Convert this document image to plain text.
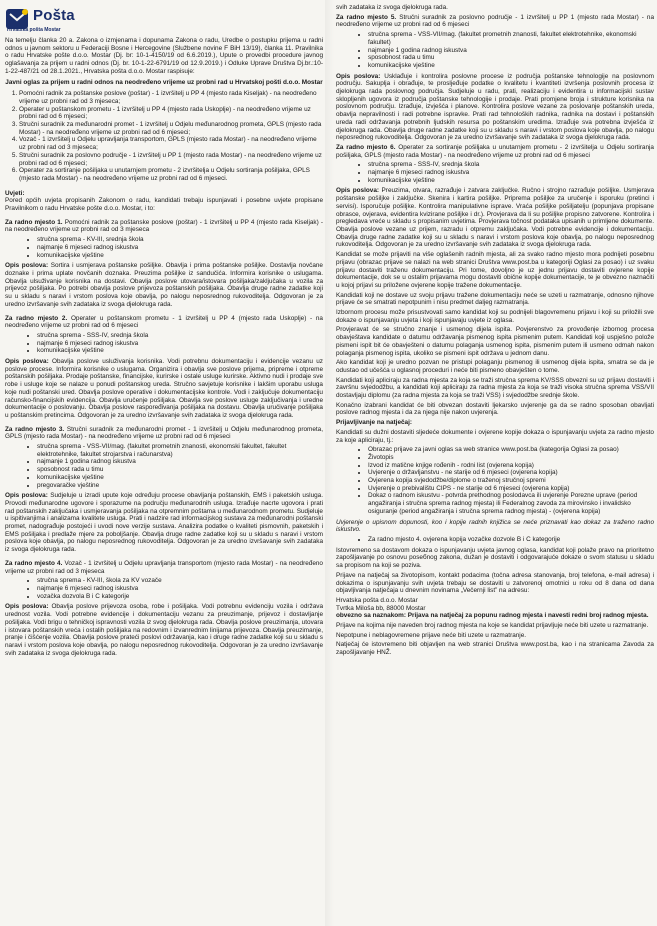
Pošta
Hrvatska pošta Mostar

Na temelju članka 20 a. Zakona o izmjenama i dopunama Zakona o radu, Uredbe o postupku prijema u radni odnos u javnom sektoru u Federaciji Bosne i Hercegovine (Službene novine F BiH 13/19), članka 11. Pravilnika o radu Hrvatske pošte d.o.o. Mostar (Dj. br: 10-1-4150/19 od 6.6.2019.), Uputе o provedbi procedure javnog oglašavanja za prijem u radni odnos (Dj. br. 10-1-22-6791/19 od 12.9.2019.) i Odluke Uprave Društva Dj.br.:10-1-22-487/21 od 28.1.2021., Hrvatska pošta d.o.o. Mostar raspisuje:

Javni oglas za prijem u radni odnos na neodređeno vrijeme uz probni rad u Hrvatskoj pošti d.o.o. Mostar

1. Pomoćni radnik za poštanske poslove (poštar) - 1 izvršitelj u PP 4 (mjesto rada Kiseljak) - na neodređeno vrijeme uz probni rad od 3 mjeseca;
2. Operater u poštanskom prometu - 1 izvršitelj u PP 4 (mjesto rada Uskoplje) - na neodređeno vrijeme uz probni rad od 6 mjeseci;
3. Stručni suradnik za međunarodni promet - 1 izvršitelj u Odjelu međunarodnog prometa, GPLS (mjesto rada Mostar) - na neodređeno vrijeme uz probni rad od 6 mjeseci;
4. Vozač - 1 izvršitelj u Odjelu upravljanja transportom, GPLS (mjesto rada Mostar) - na neodređeno vrijeme uz probni rad od 3 mjeseca;
5. Stručni suradnik za poslovno područje - 1 izvršitelj u PP 1 (mjesto rada Mostar) - na neodređeno vrijeme uz probni rad od 6 mjeseci;
6. Operater za sortiranje pošiljaka u unutarnjem prometu - 2 izvršitelja u Odjelu sortiranja pošiljaka, GPLS (mjesto rada Mostar) - na neodređeno vrijeme uz probni rad od 6 mjeseci.

Uvjeti:
Pored općih uvjeta propisanih Zakonom o radu, kandidati trebaju ispunjavati i posebne uvjete propisane Pravilnikom o radu Hrvatske pošte d.o.o. Mostar, i to:

Za radno mjesto 1. Pomoćni radnik za poštanske poslove (poštar) - 1 izvršitelj u PP 4 (mjesto rada Kiseljak) - na neodređeno vrijeme uz probni rad od 3 mjeseca

• stručna sprema - KV-III, srednja škola
• najmanje 6 mjeseci radnog iskustva
• komunikacijske vještine

Opis poslova: Sortira i usmjerava poštanske pošiljke. Obavlja i prima poštanske pošiljke. Dostavlja novčane doznake i prima uplate novčanih doznaka. Preuzima pošiljke iz sandučića. Informira korisnike o uslugama. Obavlja ulsuživanje korisnika na dostavi. Obavlja poslove utovara/istovara pošiljaka/zaključaka u vozila za prijevoz pošiljaka. Po potrebi obavlja poslove prijevoza poštanskih pošiljaka. Obavlja druge radne zadatke koji su u skladu s naravi i vrstom poslova koje obavlja, po nalogu neposrednog rukovoditelja. Odgovoran je za uredno izvršavanje svih zadataka iz svoga djelokruga rada.

Za radno mjesto 2. Operater u poštanskom prometu - 1 izvršitelj u PP 4 (mjesto rada Uskoplje) - na neodređeno vrijeme uz probni rad od 6 mjeseci

• stručna sprema - SSS-IV, srednja škola
• najmanje 6 mjeseci radnog iskustva
• komunikacijske vještine

Opis poslova: Obavlja poslove usluživanja korisnika. Vodi potrebnu dokumentaciju i evidencije vezanu uz poslove procese. Informira korisnike o uslugama. Organizira i obavlja sve poslove prijema, pripreme i otpreme poštanskih pošiljaka. Prodaje poštanske, financijske, kurirske i ostale usluge kurirske. Aktivno nudi i prodaje sve robe i usluge koje se nalaze u ponudi poštanskog ureda. Stručno savjetuje korisnike i lakšim uporabu usluga koje nudi poštanski ured. Obavlja poslove operative i dokumentacijske kontrole. Vodi i zaključuje dokumentaciju računsko-financijskih evidencija. Obavlja uručenje pošiljaka. Obavlja sve poslove usluge zaključivanja i uredne dokumentacije o poslovanju. Obavlja poslove raspoređivanja pošiljaka na dostavu. Obavlja uručivanje pošiljaka u poštanskim pretincima. Odgovoran je za uredno izvršavanje svih zadataka iz svoga djelokruga rada.

Za radno mjesto 3. Stručni suradnik za međunarodni promet - 1 izvršitelj u Odjelu međunarodnog prometa, GPLS (mjesto rada Mostar) - na neodređeno vrijeme uz probni rad od 6 mjeseci

• stručna sprema - VSS-VII/mag. (fakultet prometnih znanosti, ekonomski fakultet, fakultet elektrotehnike, fakultet strojarstva i računarstva)
• najmanje 1 godina radnog iskustva
• sposobnost rada u timu
• komunikacijske vještine
• pregovaračke vještine

Opis poslova: Sudjeluje u izradi upute koje određuju procese obavljanja poštanskih, EMS i paketskih usluga. Provodi međunarodne ugovore i sporazume na području međunarodnih usluga. Izrađuje nacrte ugovora i prati rad poštanskih zaključaka i usmjeravanja pošiljaka na otpremnim poštama u međunarodnom prometu. Sudjeluje u ispitivanjima i analizama kvalitete usluga. Prati i nadzire rad informacijskog sustava za međunarodni poštanski promet, nadograđuje postojeći i uvodi nove verzije sustava. Analizira podatke o kvaliteti pismovnih, paketskih i EMS pošiljaka i predlaže mjere za poboljšanje. Obavlja druge radne zadatke koji su u skladu s naravi i vrstom poslova koje obavlja, po nalogu neposrednog rukovoditelja. Odgovoran je za uredno izvršavanje svih zadataka iz svoga djelokruga rada.

Za radno mjesto 4. Vozač - 1 izvršitelj u Odjelu upravljanja transportom (mjesto rada Mostar) - na neodređeno vrijeme uz probni rad od 3 mjeseca

• stručna sprema - KV-III, škola za KV vozače
• najmanje 6 mjeseci radnog iskustva
• vozačka dozvola B i C kategorije

Opis poslova: Obavlja poslove prijevoza osoba, robe i pošiljaka. Vodi potrebnu evidenciju vozila i održava urednost vozila. Vodi potrebne evidencije i dokumentaciju vezanu za preuzimanje, prijevoz i dostavljanje pošiljaka. Vodi brigu o tehničkoj ispravnosti vozila iz svog djelokruga rada. Obavlja poslove preuzimanja, utovara i istovara poštanskih vreća i ostalih pošiljaka na redovnim i izvanrednim linijama prijevoza. Obavlja preuzimanje, pranje i čišćenje vozila. Obavlja poslove prateći poslovi održavanja, kao i druge radne zadatke koji su u skladu s naravi i vrstom poslova koje obavlja, po nalogu neposrednog rukovoditelja. Odgovoran je za uredno izvršavanje svih zadataka iz svoga djelokruga rada.

svih zadataka iz svoga djelokruga rada.

Za radno mjesto 5. Stručni suradnik za poslovno područje - 1 izvršitelj u PP 1 (mjesto rada Mostar) - na neodređeno vrijeme uz probni rad od 6 mjeseci

• stručna sprema - VSS-VII/mag. (fakultet prometnih znanosti, fakultet elektrotehnike, ekonomski fakultet)
• najmanje 1 godina radnog iskustva
• sposobnost rada u timu
• komunikacijske vještine

Opis poslova: Usklađuje i kontrolira poslovne procese iz područja poštanske tehnologije na poslovnom području. Sakuplja i obrađuje, te prosljeđuje podatke o kvalitetu i kvantiteti izvršenja poslovnih procesa iz djelokruga rada poslovnog područja. Sudjeluje u radu, prati, realizaciju i evidentira u informacijski sustav skloplјenih ugovora iz područja poštanske tehnologije i prodaje. Prati promjene broja i strukture korisnika na poslovnom području. Izrađuje, izvješća i planove. Kontrolira poslove vezane za poslovanje poštanskih ureda, obavlja nepravilnosti i radi potrebne ispravke. Prati rad tehnoloških radnika, radnika na dostavi i poštanskih ureda radi održavanja potrebnih ljudskih resursa po poštanskim uredima. Izrađuje sva potrebna izvješća iz djelokruga rada. Obavlja druge radne zadatke koji su u skladu s naravi i vrstom poslova koje obavlja, po nalogu neposrednog rukovoditelja. Odgovoran je za uredno izvršavanje svih zadataka iz svoga djelokruga rada.

Za radno mjesto 6. Operater za sortiranje pošiljaka u unutarnjem prometu - 2 izvršitelja u Odjelu sortiranja pošiljaka, GPLS (mjesto rada Mostar) - na neodređeno vrijeme uz probni rad od 6 mjeseci

• stručna sprema - SSS-IV, srednja škola
• najmanje 6 mjeseci radnog iskustva
• komunikacijske vještine

Opis poslova: Preuzima, otvara, razrađuje i zatvara zaključke. Ručno i strojno razrađuje pošiljke. Usmjerava poštanske pošiljke i zaključke. Skenira i kartira pošiljke. Priprema pošiljke za uručenje i isporuku (pretinci i servisi). Isporučuje pošiljke. Kontrolira manipulativne isprave. Vraća pošiljke pošiljatelju (popunjava propisane obrasce, ovjerava, evidentira kvizirane pošiljke i dr.). Provjerava da li su pošiljke propisno zatvorene. Kontrolira i pregledava vreće u skladu s propisanim uvjetima. Provjerava točnost podataka upisanih u primljene dokumente. Obavlja poslove vezane uz prijem, razradu i otpremu zaključaka. Vodi potrebne evidencije i dokumentaciju. Obavlja druge radne zadatke koji su u skladu s naravi i vrstom poslova koje obavlja, po nalogu neposrednog rukovoditelja. Odgovoran je za uredno izvršavanje svih zadataka iz svoga djelokruga rada.

Kandidat se može prijaviti na više oglašenih radnih mjesta, ali za svako radno mjesto mora podnijeti posebnu prijavu (obrazac prijave se nalazi na web stranici Društva www.post.ba u kategoriji Oglasi za posao) i uz svaku prijavu dostaviti traženu dokumentaciju. Pri tome, dovoljno je uz jednu prijavu dostaviti ovjerene kopije dokumentacije, dok se u ostalim prijavama mogu dostaviti obične kopije dokumentacije, te je obvezno naznačiti u kojoj prijavi su priložene ovjerene kopije tražene dokumentacije.

Kandidati koji ne dostave uz svoju prijavu tražene dokumentaciju neće se uzeti u razmatranje, odnosno njihove prijave će se smatrati nepotpunim i nisu predmet daljeg razmatranja.

Izbornom procesu može prisustvovati samo kandidat koji su podnijeli blagovremenu prijavu i koji su priložili sve dokaze o ispunjavanju uvjeta i koji ispunjavaju uvjete iz oglasa.

Provjeravat će se stručno znanje i usmenog dijela ispita. Povjerenstvo za provođenje izbornog procesa obavještava kandidate o datumu održavanja pismenog ispita pismenim putem. Kandidati koji uspješno polože pismeni ispit bit će obavješteni o datumu polaganja usmenog ispita, pismenim putem ili usmeno odmah nakon polaganja pismenog ispita, ukoliko se pismeni ispit održava u jednom danu.

Ako kandidat koji je uredno pozvan ne pristupi polaganju pismenog ili usmenog dijela ispita, smatra se da je odustao od učešća u oglasnoj proceduri i neće biti pismeno obavješten o tome.

Kandidati koji apliciraju za radna mjesta za koja se traži stručna sprema KV/SSS obvezni su uz prijavu dostaviti i završnu svjedodžbu, a kandidati koji apliciraju za radna mjesta za koja se traži visoka stručna sprema VSS/VII dostavljaju diplomu (za radna mjesta za koja se traži VSS) i svjedodžbe srednje škole.

Konačno izabrani kandidat će biti obvezan dostaviti ljekarsko uvjerenje ga da se radno sposoban obavljati poslove radnog mjesta i da za njega nije nakon uvjerenja.

Prijavljivanje na natječaj:

Kandidati su dužni dostaviti sljedeće dokumente i ovjerene kopije dokaza o ispunjavanju uvjeta za radno mjesto za koje apliciraju, tj.:

• Obrazac prijave za javni oglas sa web stranice www.post.ba (kategorija Oglasi za posao)
• Životopis
• Izvod iz matične knjige rođenih - rodni list (ovjerena kopija)
• Uvjerenje o državljanstvu - ne starije od 6 mjeseci (ovjerena kopija)
• Ovjerena kopija svjedodžbe/diplome o traženoj stručnoj spremi
• Uvjerenje o prebivalištu CIPS - ne starije od 6 mjeseci (ovjerena kopija)
• Dokaz o radnom iskustvu - potvrda prethodnog poslodavca ili uvjerenje Porezne uprave (period angažiranja i stručna sprema radnog mjesta) ili Federalnog zavoda za mirovinsko i invalidsko osiguranje (period angažiranja i stručna sprema radnog mjesta) - (ovjerena kopija)

Uvjerenje o upisnom dopunosti, koo i kopije radnih knjižica se neće priznavati kao dokaz za traženo radno iskustvo.

• Za radno mjesto 4. ovjerena kopija vozačke dozvole B i C kategorije

Istovremeno sa dostavom dokaza o ispunjavanju uvjeta javnog oglasa, kandidat koji polaže pravo na prioritetno zapošljavanje po osnovu poseбnog zakona, dužan je dostaviti i odgovarajuće dokaze o svom statusu u skladu sa propisom na koji se poziva.

Prijave na natječaj sa životopisom, kontakt podacima (točna adresa stanovanja, broj telefona, e-mail adresa) i dokazima o ispunjavanju svih uvjeta trebaju se dostaviti u zatvorenoj omotnici u roku od 8 dana od dana objavljivanja natječaja u dnevnim novinama „Večernji list” na adresu:

Hrvatska pošta d.o.o. Mostar
Tvrtka Miloša bb, 88000 Mostar

obvezno sa naznakom: Prijava na natječaj za popunu radnog mjesta i navesti redni broj radnog mjesta.

Prijave na kojima nije naveden broj radnog mjesta na koje se kandidat prijavljuje neće biti uzete u razmatranje.

Nepotpune i neblagovremene prijave neće biti uzete u razmatranje.

Natječaj će istovremeno biti objavljen na web stranici Društva www.post.ba, kao i na stranicama Zavoda za zapošljavanje HNŽ.
